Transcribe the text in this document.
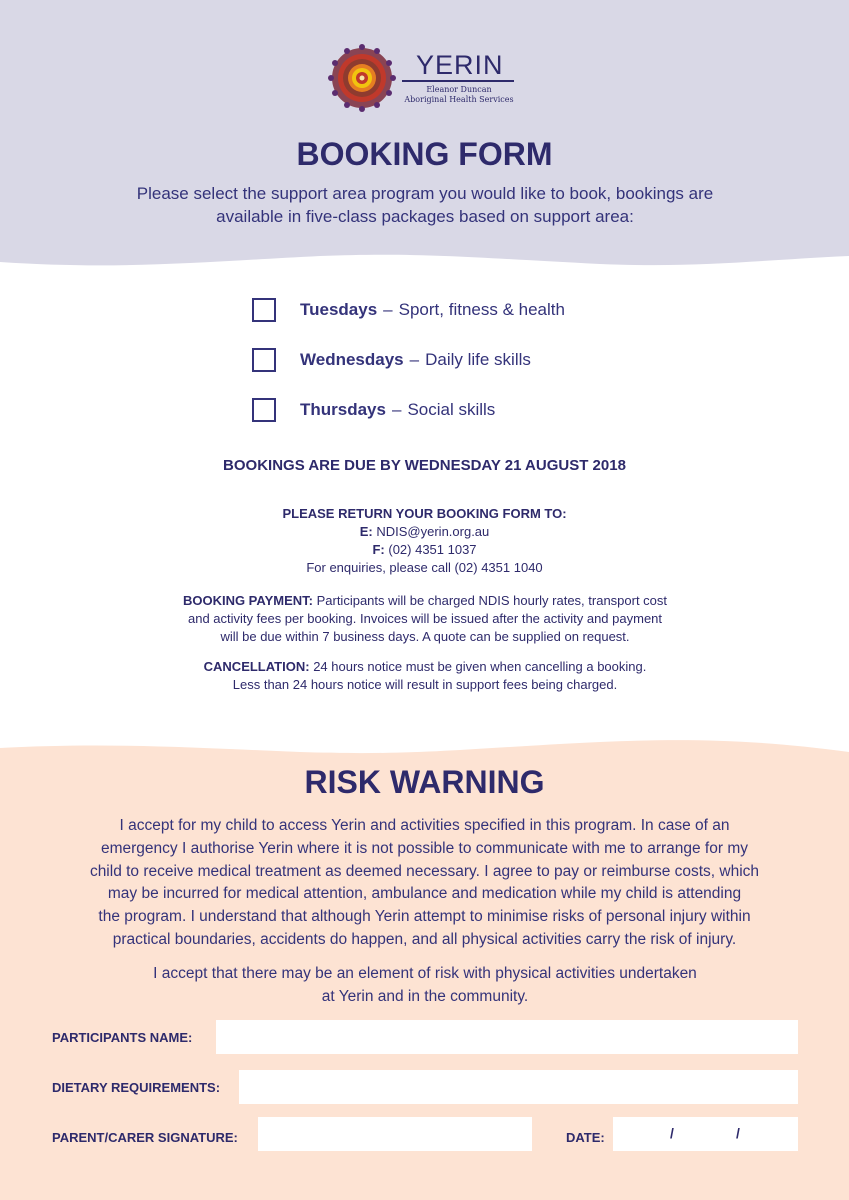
YERIN
Eleanor Duncan
Aboriginal Health Services
BOOKING FORM
Please select the support area program you would like to book, bookings are
available in five-class packages based on support area:
Tuesdays – Sport, fitness & health
Wednesdays – Daily life skills
Thursdays – Social skills
BOOKINGS ARE DUE BY WEDNESDAY 21 AUGUST 2018
PLEASE RETURN YOUR BOOKING FORM TO:
E: NDIS@yerin.org.au
F: (02) 4351 1037
For enquiries, please call (02) 4351 1040
BOOKING PAYMENT: Participants will be charged NDIS hourly rates, transport cost
and activity fees per booking. Invoices will be issued after the activity and payment
will be due within 7 business days. A quote can be supplied on request.
CANCELLATION: 24 hours notice must be given when cancelling a booking.
Less than 24 hours notice will result in support fees being charged.
RISK WARNING
I accept for my child to access Yerin and activities specified in this program. In case of an
emergency I authorise Yerin where it is not possible to communicate with me to arrange for my
child to receive medical treatment as deemed necessary. I agree to pay or reimburse costs, which
may be incurred for medical attention, ambulance and medication while my child is attending
the program. I understand that although Yerin attempt to minimise risks of personal injury within
practical boundaries, accidents do happen, and all physical activities carry the risk of injury.
I accept that there may be an element of risk with physical activities undertaken
at Yerin and in the community.
PARTICIPANTS NAME:
DIETARY REQUIREMENTS:
PARENT/CARER SIGNATURE:	DATE:	/	/
